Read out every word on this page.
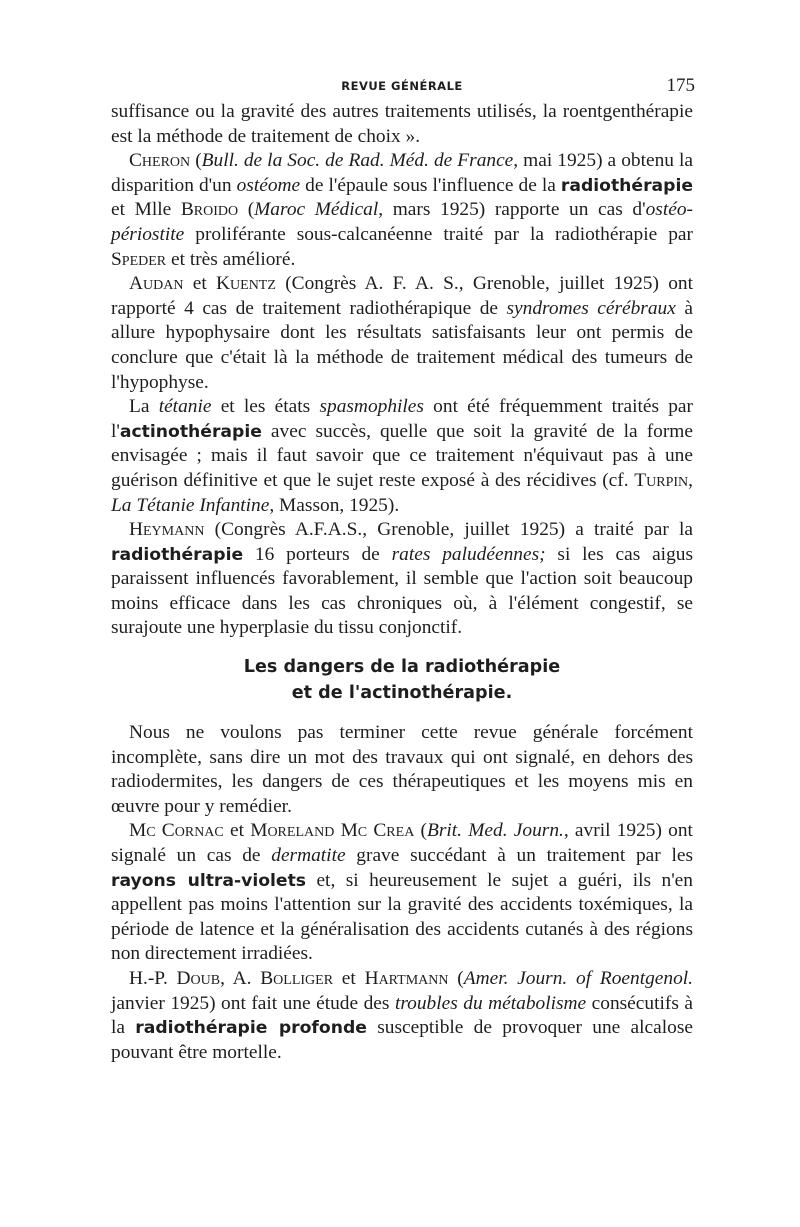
REVUE GÉNÉRALE	175

suffisance ou la gravité des autres traitements utilisés, la roentgenthérapie est la méthode de traitement de choix ».

Cheron (Bull. de la Soc. de Rad. Méd. de France, mai 1925) a obtenu la disparition d'un ostéome de l'épaule sous l'influence de la radiothérapie et Mlle Broido (Maroc Médical, mars 1925) rapporte un cas d'ostéo-périostite proliférante sous-calcanéenne traité par la radiothérapie par Speder et très amélioré.

Audan et Kuentz (Congrès A. F. A. S., Grenoble, juillet 1925) ont rapporté 4 cas de traitement radiothérapique de syndromes cérébraux à allure hypophysaire dont les résultats satisfaisants leur ont permis de conclure que c'était là la méthode de traitement médical des tumeurs de l'hypophyse.

La tétanie et les états spasmophiles ont été fréquemment traités par l'actinothérapie avec succès, quelle que soit la gravité de la forme envisagée ; mais il faut savoir que ce traitement n'équivaut pas à une guérison définitive et que le sujet reste exposé à des récidives (cf. Turpin, La Tétanie Infantine, Masson, 1925).

Heymann (Congrès A.F.A.S., Grenoble, juillet 1925) a traité par la radiothérapie 16 porteurs de rates paludéennes; si les cas aigus paraissent influencés favorablement, il semble que l'action soit beaucoup moins efficace dans les cas chroniques où, à l'élément congestif, se surajoute une hyperplasie du tissu conjonctif.

Les dangers de la radiothérapie
et de l'actinothérapie.

Nous ne voulons pas terminer cette revue générale forcément incomplète, sans dire un mot des travaux qui ont signalé, en dehors des radiodermites, les dangers de ces thérapeutiques et les moyens mis en œuvre pour y remédier.

Mc Cornac et Moreland Mc Crea (Brit. Med. Journ., avril 1925) ont signalé un cas de dermatite grave succédant à un traitement par les rayons ultra-violets et, si heureusement le sujet a guéri, ils n'en appellent pas moins l'attention sur la gravité des accidents toxémiques, la période de latence et la généralisation des accidents cutanés à des régions non directement irradiées.

H.-P. Doub, A. Bolliger et Hartmann (Amer. Journ. of Roentgenol. janvier 1925) ont fait une étude des troubles du métabolisme consécutifs à la radiothérapie profonde susceptible de provoquer une alcalose pouvant être mortelle.
